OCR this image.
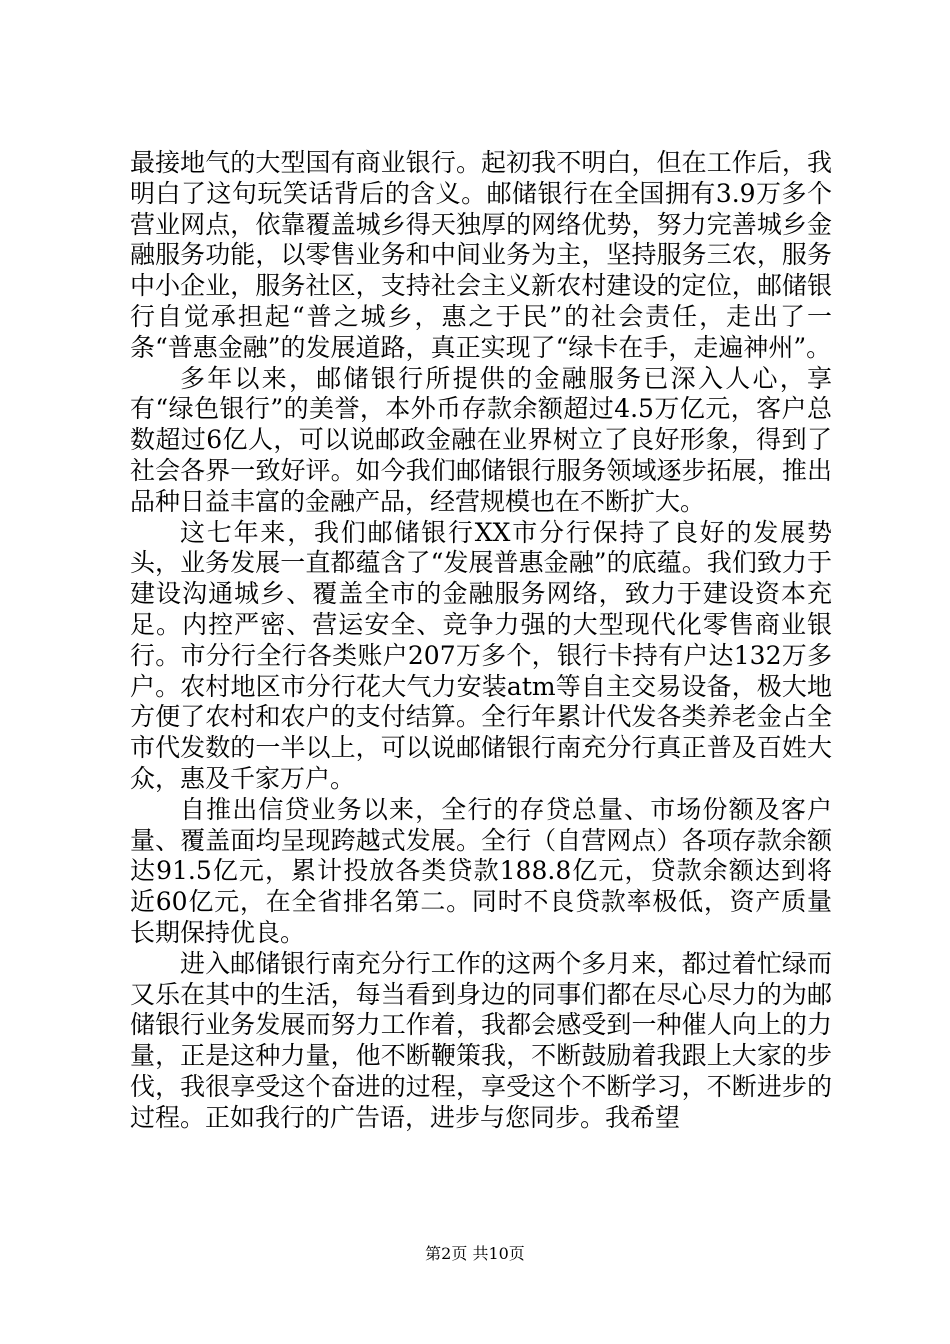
最接地气的大型国有商业银行。起初我不明白，但在工作后，我明白了这句玩笑话背后的含义。邮储银行在全国拥有3.9万多个营业网点，依靠覆盖城乡得天独厚的网络优势，努力完善城乡金融服务功能，以零售业务和中间业务为主，坚持服务三农，服务中小企业，服务社区，支持社会主义新农村建设的定位，邮储银行自觉承担起“普之城乡，惠之于民”的社会责任，走出了一条“普惠金融”的发展道路，真正实现了“绿卡在手，走遍神州”。

多年以来，邮储银行所提供的金融服务已深入人心，享有“绿色银行”的美誉，本外币存款余额超过4.5万亿元，客户总数超过6亿人，可以说邮政金融在业界树立了良好形象，得到了社会各界一致好评。如今我们邮储银行服务领域逐步拓展，推出品种日益丰富的金融产品，经营规模也在不断扩大。

这七年来，我们邮储银行XX市分行保持了良好的发展势头，业务发展一直都蕴含了“发展普惠金融”的底蕴。我们致力于建设沟通城乡、覆盖全市的金融服务网络，致力于建设资本充足。内控严密、营运安全、竞争力强的大型现代化零售商业银行。市分行全行各类账户207万多个，银行卡持有户达132万多户。农村地区市分行花大气力安装atm等自主交易设备，极大地方便了农村和农户的支付结算。全行年累计代发各类养老金占全市代发数的一半以上，可以说邮储银行南充分行真正普及百姓大众，惠及千家万户。

自推出信贷业务以来，全行的存贷总量、市场份额及客户量、覆盖面均呈现跨越式发展。全行（自营网点）各项存款余额达91.5亿元，累计投放各类贷款188.8亿元，贷款余额达到将近60亿元，在全省排名第二。同时不良贷款率极低，资产质量长期保持优良。

进入邮储银行南充分行工作的这两个多月来，都过着忙绿而又乐在其中的生活，每当看到身边的同事们都在尽心尽力的为邮储银行业务发展而努力工作着，我都会感受到一种催人向上的力量，正是这种力量，他不断鞭策我，不断鼓励着我跟上大家的步伐，我很享受这个奋进的过程，享受这个不断学习，不断进步的过程。正如我行的广告语，进步与您同步。我希望

第2页 共10页
